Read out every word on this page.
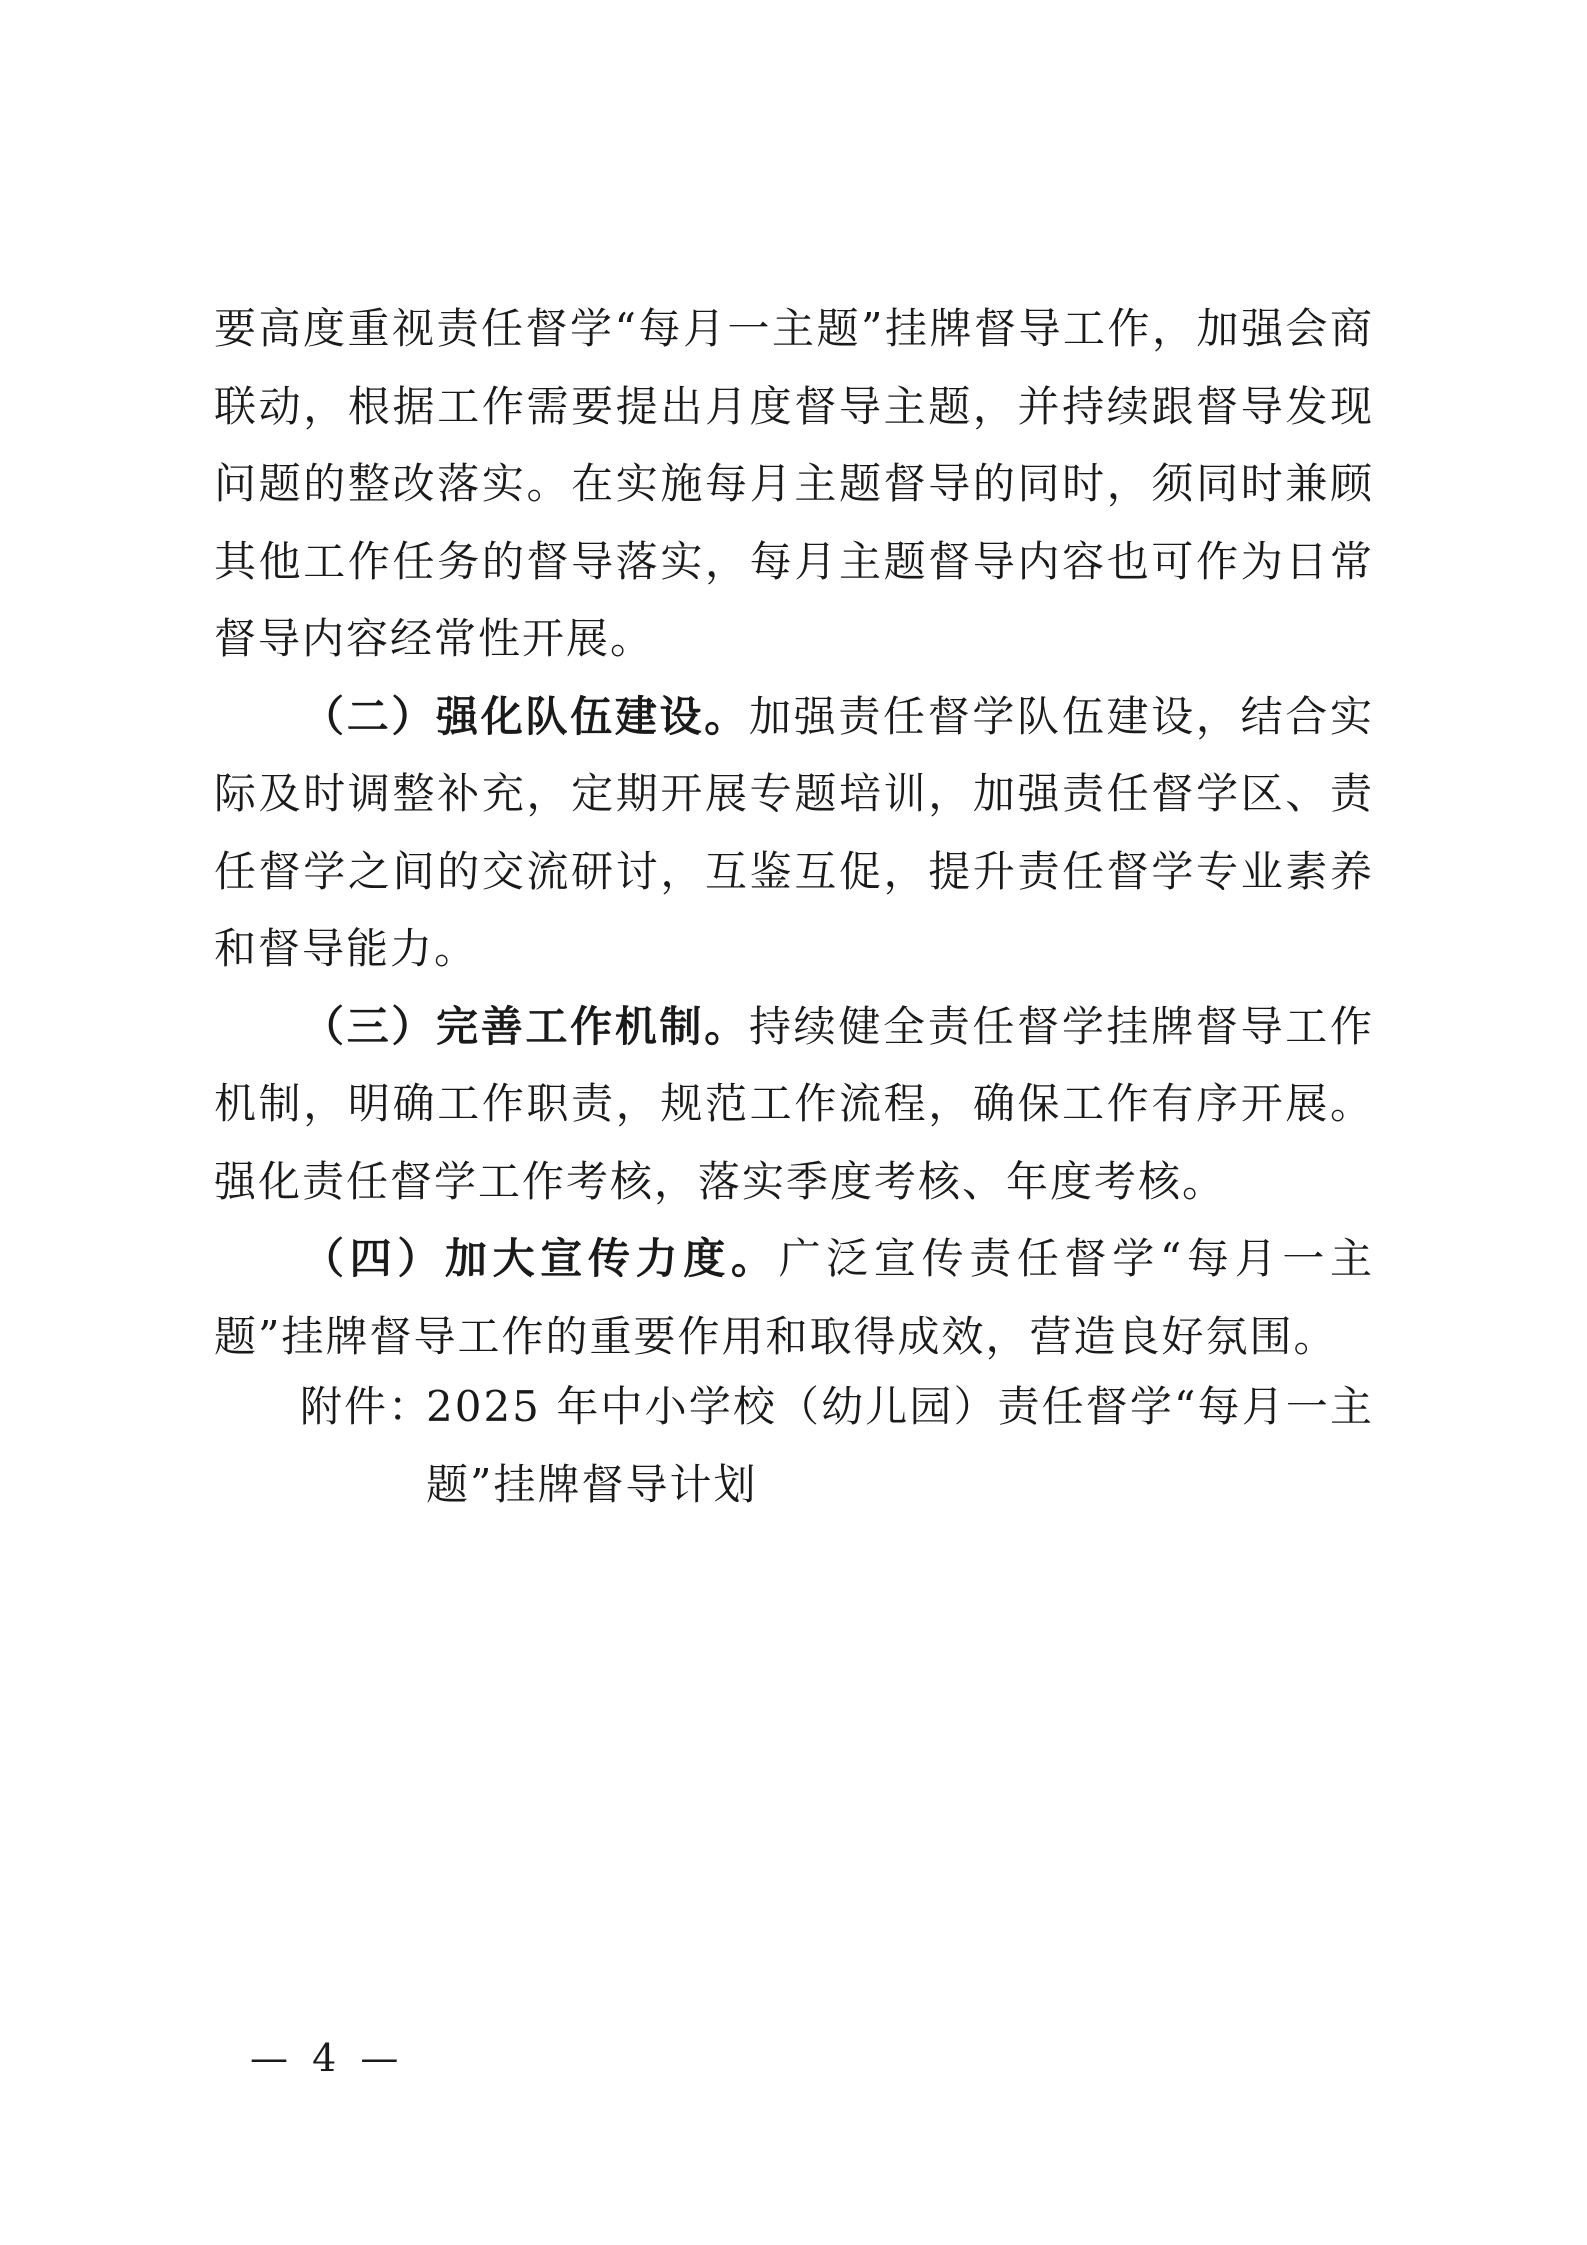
要高度重视责任督学“每月一主题”挂牌督导工作，加强会商联动，根据工作需要提出月度督导主题，并持续跟督导发现问题的整改落实。在实施每月主题督导的同时，须同时兼顾其他工作任务的督导落实，每月主题督导内容也可作为日常督导内容经常性开展。

（二）强化队伍建设。加强责任督学队伍建设，结合实际及时调整补充，定期开展专题培训，加强责任督学区、责任督学之间的交流研讨，互鉴互促，提升责任督学专业素养和督导能力。

（三）完善工作机制。持续健全责任督学挂牌督导工作机制，明确工作职责，规范工作流程，确保工作有序开展。强化责任督学工作考核，落实季度考核、年度考核。

（四）加大宣传力度。广泛宣传责任督学“每月一主题”挂牌督导工作的重要作用和取得成效，营造良好氛围。

附件：
2025 年中小学校（幼儿园）责任督学“每月一主题”挂牌督导计划
— 4 —
